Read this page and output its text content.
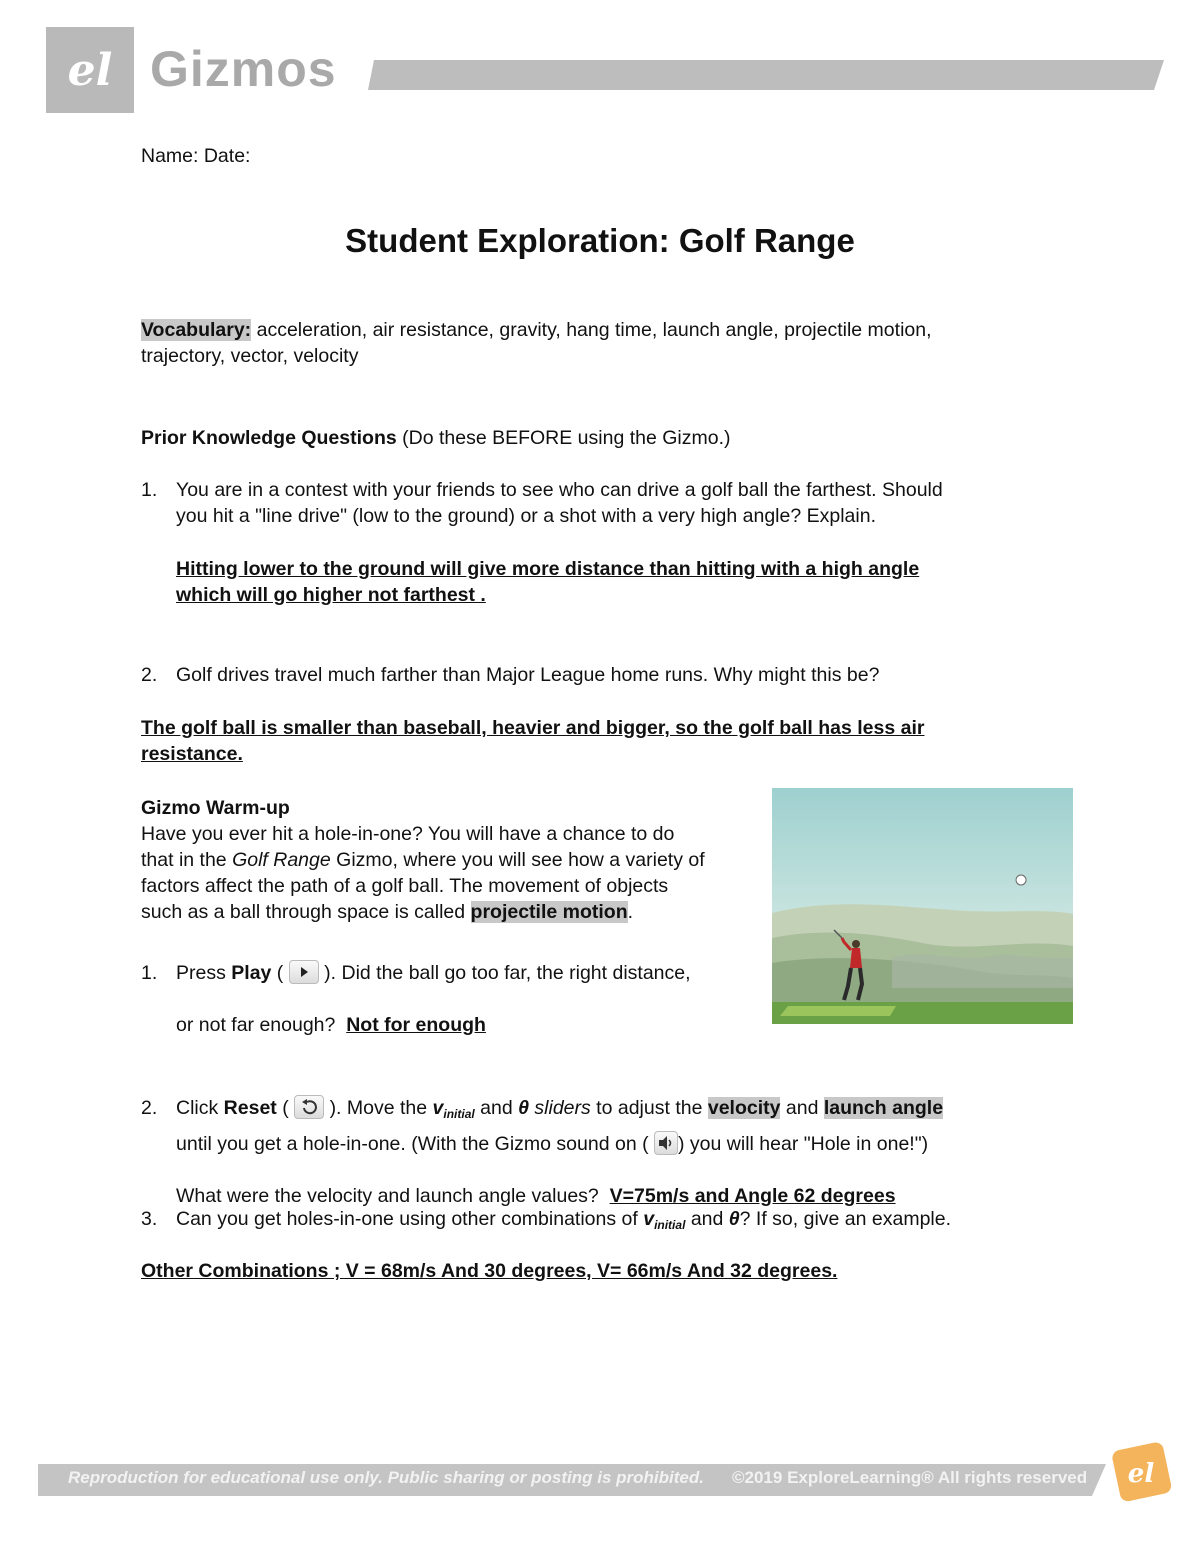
el Gizmos
Name: Date:
Student Exploration: Golf Range
Vocabulary: acceleration, air resistance, gravity, hang time, launch angle, projectile motion,
trajectory, vector, velocity
Prior Knowledge Questions (Do these BEFORE using the Gizmo.)
1. You are in a contest with your friends to see who can drive a golf ball the farthest. Should
you hit a "line drive" (low to the ground) or a shot with a very high angle? Explain.
Hitting lower to the ground will give more distance than hitting with a high angle
which will go higher not farthest .
2. Golf drives travel much farther than Major League home runs. Why might this be?
The golf ball is smaller than baseball, heavier and bigger, so the golf ball has less air
resistance.
Gizmo Warm-up
Have you ever hit a hole-in-one? You will have a chance to do
that in the Golf Range Gizmo, where you will see how a variety of
factors affect the path of a golf ball. The movement of objects
such as a ball through space is called projectile motion.
1. Press Play ( ). Did the ball go too far, the right distance,
or not far enough? Not for enough
2. Click Reset ( ). Move the $v_{initial}$ and θ sliders to adjust the velocity and launch angle
until you get a hole-in-one. (With the Gizmo sound on ( ) you will hear "Hole in one!")
What were the velocity and launch angle values? V=75m/s and Angle 62 degrees
3. Can you get holes-in-one using other combinations of $v_{initial}$ and θ? If so, give an example.
Other Combinations ; V = 68m/s And 30 degrees, V= 66m/s And 32 degrees.
Reproduction for educational use only. Public sharing or posting is prohibited. ©2019 ExploreLearning® All rights reserved el
